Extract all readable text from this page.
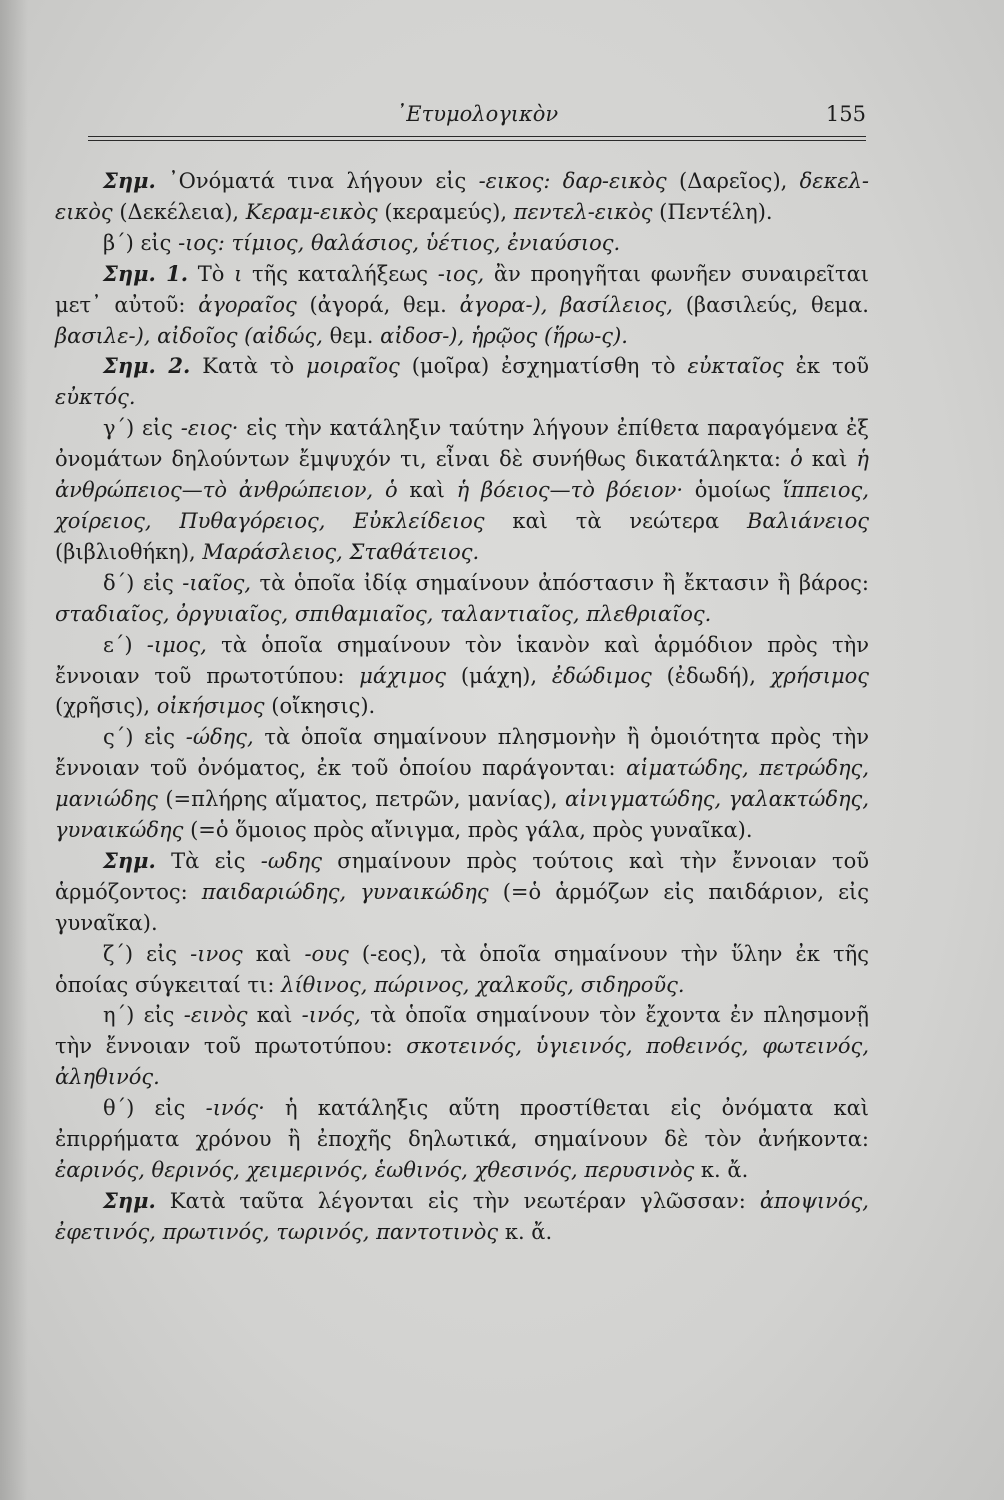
᾿Ετυμολογικὸν	155

Σημ. ᾿Ονόματά τινα λήγουν εἰς -εικος: δαρ-εικὸς (Δαρεῖος), δεκελ-εικὸς (Δεκέλεια), Κεραμ-εικὸς (κεραμεύς), πεντελ-εικὸς (Πεντέλη).

β΄) εἰς -ιος: τίμιος, θαλάσιος, ὑέτιος, ἐνιαύσιος.

Σημ. 1. Τὸ ι τῆς καταλήξεως -ιος, ἂν προηγῆται φωνῆεν συναιρεῖται μετ᾿ αὐτοῦ: ἀγοραῖος (ἀγορά, θεμ. ἀγορα-), βασίλειος, (βασιλεύς, θεμα. βασιλε-), αἰδοῖος (αἰδώς, θεμ. αἰδοσ-), ἡρῷος (ἥρω-ς).

Σημ. 2. Κατὰ τὸ μοιραῖος (μοῖρα) ἐσχηματίσθη τὸ εὐκταῖος ἐκ τοῦ εὐκτός.

γ΄) εἰς -ειος· εἰς τὴν κατάληξιν ταύτην λήγουν ἐπίθετα παραγόμενα ἐξ ὀνομάτων δηλούντων ἔμψυχόν τι, εἶναι δὲ συνήθως δικατάληκτα: ὁ καὶ ἡ ἀνθρώπειος—τὸ ἀνθρώπειον, ὁ καὶ ἡ βόειος—τὸ βόειον· ὁμοίως ἵππειος, χοίρειος, Πυθαγόρειος, Εὐκλείδειος καὶ τὰ νεώτερα Βαλιάνειος (βιβλιοθήκη), Μαράσλειος, Σταθάτειος.

δ΄) εἰς -ιαῖος, τὰ ὁποῖα ἰδίᾳ σημαίνουν ἀπόστασιν ἢ ἔκτασιν ἢ βάρος: σταδιαῖος, ὀργυιαῖος, σπιθαμιαῖος, ταλαντιαῖος, πλεθριαῖος.

ε΄) -ιμος, τὰ ὁποῖα σημαίνουν τὸν ἱκανὸν καὶ ἁρμόδιον πρὸς τὴν ἔννοιαν τοῦ πρωτοτύπου: μάχιμος (μάχη), ἐδώδιμος (ἐδωδή), χρήσιμος (χρῆσις), οἰκήσιμος (οἴκησις).

ς΄) εἰς -ώδης, τὰ ὁποῖα σημαίνουν πλησμονὴν ἢ ὁμοιότητα πρὸς τὴν ἔννοιαν τοῦ ὀνόματος, ἐκ τοῦ ὁποίου παράγονται: αἱματώδης, πετρώδης, μανιώδης (=πλήρης αἵματος, πετρῶν, μανίας), αἰνιγματώδης, γαλακτώδης, γυναικώδης (=ὁ ὅμοιος πρὸς αἴνιγμα, πρὸς γάλα, πρὸς γυναῖκα).

Σημ. Τὰ εἰς -ωδης σημαίνουν πρὸς τούτοις καὶ τὴν ἔννοιαν τοῦ ἁρμόζοντος: παιδαριώδης, γυναικώδης (=ὁ ἁρμόζων εἰς παιδάριον, εἰς γυναῖκα).

ζ΄) εἰς -ινος καὶ -ους (-εος), τὰ ὁποῖα σημαίνουν τὴν ὕλην ἐκ τῆς ὁποίας σύγκειταί τι: λίθινος, πώρινος, χαλκοῦς, σιδηροῦς.

η΄) εἰς -εινὸς καὶ -ινός, τὰ ὁποῖα σημαίνουν τὸν ἔχοντα ἐν πλησμονῇ τὴν ἔννοιαν τοῦ πρωτοτύπου: σκοτεινός, ὑγιεινός, ποθεινός, φωτεινός, ἀληθινός.

θ΄) εἰς -ινός· ἡ κατάληξις αὕτη προστίθεται εἰς ὀνόματα καὶ ἐπιρρήματα χρόνου ἢ ἐποχῆς δηλωτικά, σημαίνουν δὲ τὸν ἀνήκοντα: ἐαρινός, θερινός, χειμερινός, ἑωθινός, χθεσινός, περυσινὸς κ. ἄ.

Σημ. Κατὰ ταῦτα λέγονται εἰς τὴν νεωτέραν γλῶσσαν: ἀποψινός, ἐφετινός, πρωτινός, τωρινός, παντοτινὸς κ. ἄ.
